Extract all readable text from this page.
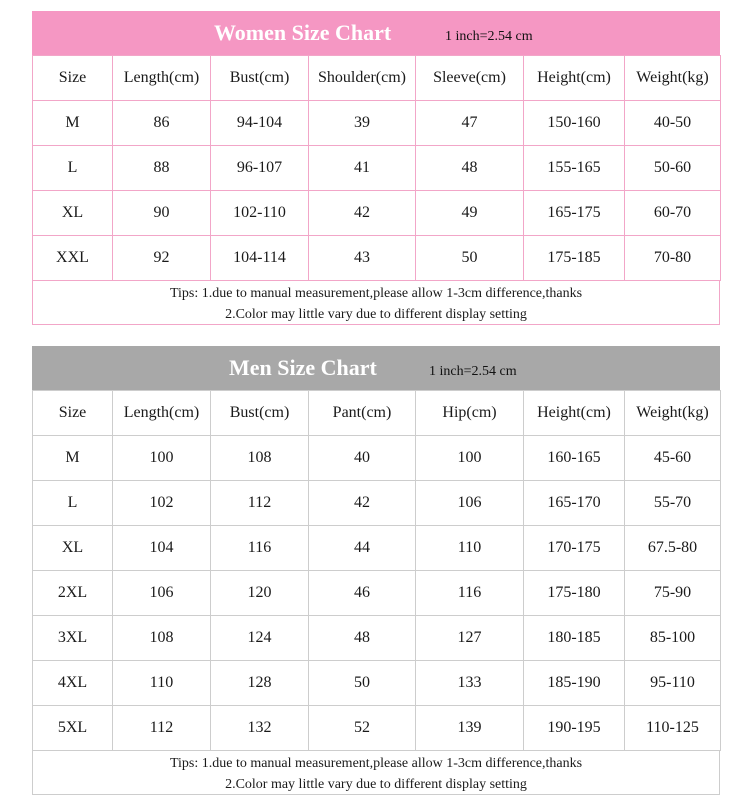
Women Size Chart	1 inch=2.54 cm
Size	Length(cm)	Bust(cm)	Shoulder(cm)	Sleeve(cm)	Height(cm)	Weight(kg)
M	86	94-104	39	47	150-160	40-50
L	88	96-107	41	48	155-165	50-60
XL	90	102-110	42	49	165-175	60-70
XXL	92	104-114	43	50	175-185	70-80
Tips: 1.due to manual measurement,please allow 1-3cm difference,thanks
2.Color may little vary due to different display setting
Men Size Chart	1 inch=2.54 cm
Size	Length(cm)	Bust(cm)	Pant(cm)	Hip(cm)	Height(cm)	Weight(kg)
M	100	108	40	100	160-165	45-60
L	102	112	42	106	165-170	55-70
XL	104	116	44	110	170-175	67.5-80
2XL	106	120	46	116	175-180	75-90
3XL	108	124	48	127	180-185	85-100
4XL	110	128	50	133	185-190	95-110
5XL	112	132	52	139	190-195	110-125
Tips: 1.due to manual measurement,please allow 1-3cm difference,thanks
2.Color may little vary due to different display setting
